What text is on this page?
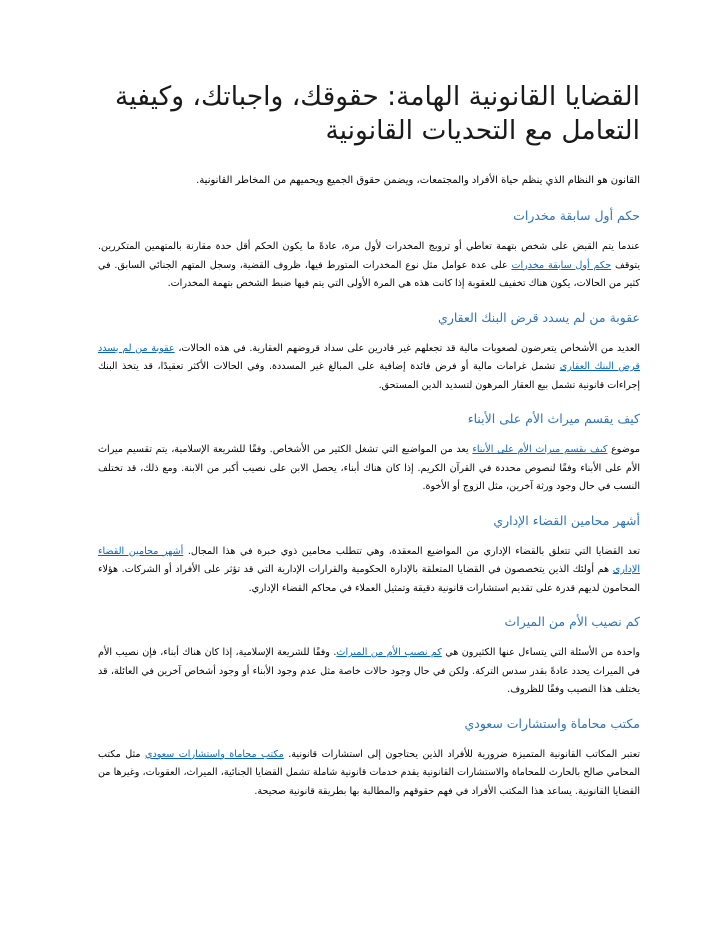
القضايا القانونية الهامة: حقوقك، واجباتك، وكيفية التعامل مع التحديات القانونية

القانون هو النظام الذي ينظم حياة الأفراد والمجتمعات، ويضمن حقوق الجميع ويحميهم من المخاطر القانونية.

حكم أول سابقة مخدرات

عندما يتم القبض على شخص بتهمة تعاطي أو ترويج المخدرات لأول مرة، عادةً ما يكون الحكم أقل حدة مقارنة بالمتهمين المتكررين. يتوقف حكم أول سابقة مخدرات على عدة عوامل مثل نوع المخدرات المتورط فيها، ظروف القضية، وسجل المتهم الجنائي السابق. في كثير من الحالات، يكون هناك تخفيف للعقوبة إذا كانت هذه هي المرة الأولى التي يتم فيها ضبط الشخص بتهمة المخدرات.

عقوبة من لم يسدد قرض البنك العقاري

العديد من الأشخاص يتعرضون لصعوبات مالية قد تجعلهم غير قادرين على سداد قروضهم العقارية. في هذه الحالات، عقوبة من لم يسدد قرض البنك العقاري تشمل غرامات مالية أو فرض فائدة إضافية على المبالغ غير المسددة. وفي الحالات الأكثر تعقيدًا، قد يتخذ البنك إجراءات قانونية تشمل بيع العقار المرهون لتسديد الدين المستحق.

كيف يقسم ميراث الأم على الأبناء

موضوع كيف يقسم ميراث الأم على الأبناء يعد من المواضيع التي تشغل الكثير من الأشخاص. وفقًا للشريعة الإسلامية، يتم تقسيم ميراث الأم على الأبناء وفقًا لنصوص محددة في القرآن الكريم. إذا كان هناك أبناء، يحصل الابن على نصيب أكبر من الابنة. ومع ذلك، قد تختلف النسب في حال وجود ورثة آخرين، مثل الزوج أو الأخوة.

أشهر محامين القضاء الإداري

تعد القضايا التي تتعلق بالقضاء الإداري من المواضيع المعقدة، وهي تتطلب محامين ذوي خبرة في هذا المجال. أشهر محامين القضاء الإداري هم أولئك الذين يتخصصون في القضايا المتعلقة بالإدارة الحكومية والقرارات الإدارية التي قد تؤثر على الأفراد أو الشركات. هؤلاء المحامون لديهم قدرة على تقديم استشارات قانونية دقيقة وتمثيل العملاء في محاكم القضاء الإداري.

كم نصيب الأم من الميراث

واحدة من الأسئلة التي يتساءل عنها الكثيرون هي كم نصيب الأم من الميراث. وفقًا للشريعة الإسلامية، إذا كان هناك أبناء، فإن نصيب الأم في الميراث يحدد عادةً بقدر سدس التركة. ولكن في حال وجود حالات خاصة مثل عدم وجود الأبناء أو وجود أشخاص آخرين في العائلة، قد يختلف هذا النصيب وفقًا للظروف.

مكتب محاماة واستشارات سعودي

تعتبر المكاتب القانونية المتميزة ضرورية للأفراد الذين يحتاجون إلى استشارات قانونية. مكتب محاماة واستشارات سعودي مثل مكتب المحامي صالح بالحارث للمحاماة والاستشارات القانونية يقدم خدمات قانونية شاملة تشمل القضايا الجنائية، الميراث، العقوبات، وغيرها من القضايا القانونية. يساعد هذا المكتب الأفراد في فهم حقوقهم والمطالبة بها بطريقة قانونية صحيحة.
